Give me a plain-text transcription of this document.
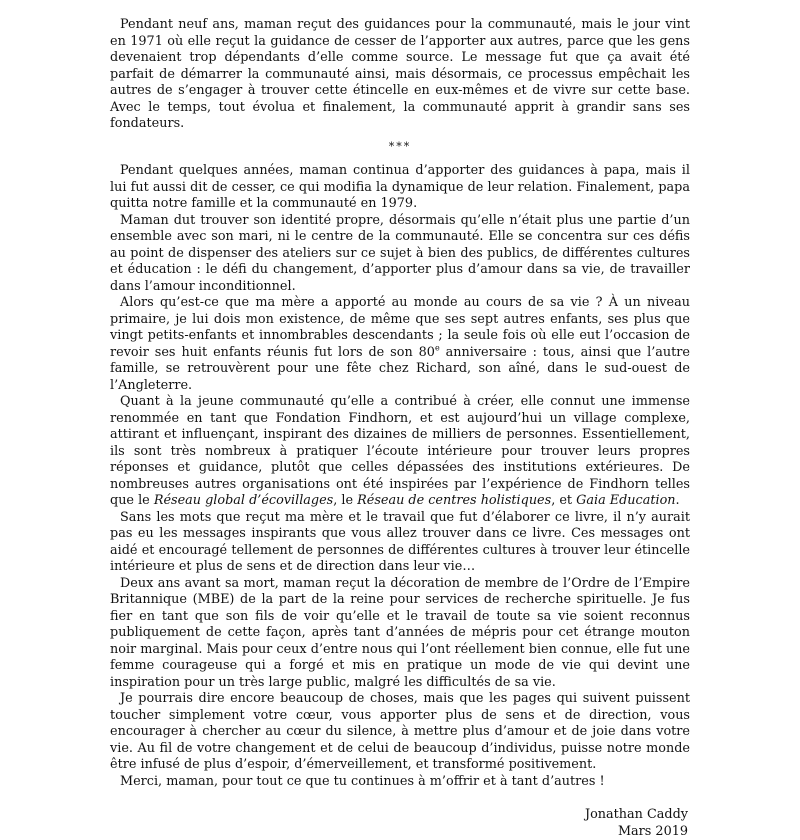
Pendant neuf ans, maman reçut des guidances pour la communauté, mais le jour vint en 1971 où elle reçut la guidance de cesser de l’apporter aux autres, parce que les gens devenaient trop dépendants d’elle comme source. Le message fut que ça avait été parfait de démarrer la communauté ainsi, mais désormais, ce processus empêchait les autres de s’engager à trouver cette étincelle en eux-mêmes et de vivre sur cette base. Avec le temps, tout évolua et finalement, la communauté apprit à grandir sans ses fondateurs.

***

Pendant quelques années, maman continua d’apporter des guidances à papa, mais il lui fut aussi dit de cesser, ce qui modifia la dynamique de leur relation. Finalement, papa quitta notre famille et la communauté en 1979.

Maman dut trouver son identité propre, désormais qu’elle n’était plus une partie d’un ensemble avec son mari, ni le centre de la communauté. Elle se concentra sur ces défis au point de dispenser des ateliers sur ce sujet à bien des publics, de différentes cultures et éducation : le défi du changement, d’apporter plus d’amour dans sa vie, de travailler dans l’amour inconditionnel.

Alors qu’est-ce que ma mère a apporté au monde au cours de sa vie ? À un niveau primaire, je lui dois mon existence, de même que ses sept autres enfants, ses plus que vingt petits-enfants et innombrables descendants ; la seule fois où elle eut l’occasion de revoir ses huit enfants réunis fut lors de son 80e anniversaire : tous, ainsi que l’autre famille, se retrouvèrent pour une fête chez Richard, son aîné, dans le sud-ouest de l’Angleterre.

Quant à la jeune communauté qu’elle a contribué à créer, elle connut une immense renommée en tant que Fondation Findhorn, et est aujourd’hui un village complexe, attirant et influençant, inspirant des dizaines de milliers de personnes. Essentiellement, ils sont très nombreux à pratiquer l’écoute intérieure pour trouver leurs propres réponses et guidance, plutôt que celles dépassées des institutions extérieures. De nombreuses autres organisations ont été inspirées par l’expérience de Findhorn telles que le Réseau global d’écovillages, le Réseau de centres holistiques, et Gaia Education.

Sans les mots que reçut ma mère et le travail que fut d’élaborer ce livre, il n’y aurait pas eu les messages inspirants que vous allez trouver dans ce livre. Ces messages ont aidé et encouragé tellement de personnes de différentes cultures à trouver leur étincelle intérieure et plus de sens et de direction dans leur vie…

Deux ans avant sa mort, maman reçut la décoration de membre de l’Ordre de l’Empire Britannique (MBE) de la part de la reine pour services de recherche spirituelle. Je fus fier en tant que son fils de voir qu’elle et le travail de toute sa vie soient reconnus publiquement de cette façon, après tant d’années de mépris pour cet étrange mouton noir marginal. Mais pour ceux d’entre nous qui l’ont réellement bien connue, elle fut une femme courageuse qui a forgé et mis en pratique un mode de vie qui devint une inspiration pour un très large public, malgré les difficultés de sa vie.

Je pourrais dire encore beaucoup de choses, mais que les pages qui suivent puissent toucher simplement votre cœur, vous apporter plus de sens et de direction, vous encourager à chercher au cœur du silence, à mettre plus d’amour et de joie dans votre vie. Au fil de votre changement et de celui de beaucoup d’individus, puisse notre monde être infusé de plus d’espoir, d’émerveillement, et transformé positivement.

Merci, maman, pour tout ce que tu continues à m’offrir et à tant d’autres !

Jonathan Caddy
Mars 2019
